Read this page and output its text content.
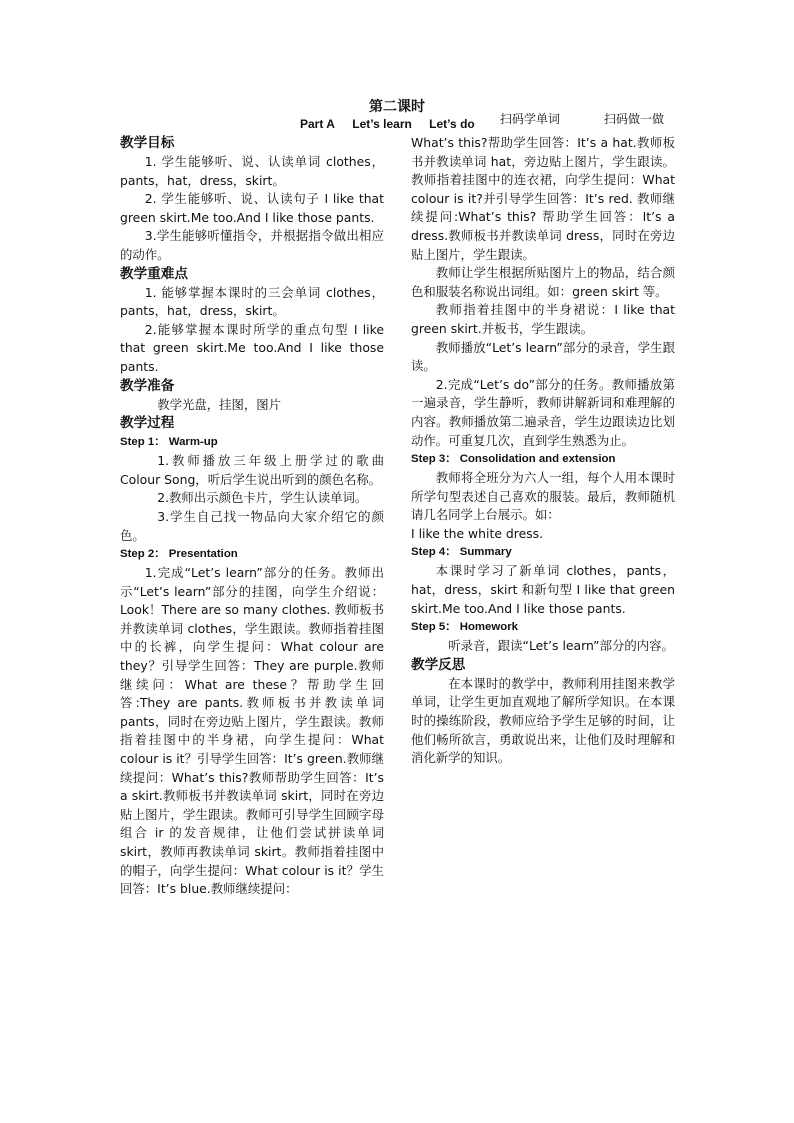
第二课时
Part A Let’s learn Let’s do	扫码学单词	扫码做一做

教学目标

1. 学生能够听、说、认读单词 clothes，pants，hat，dress，skirt。

2. 学生能够听、说、认读句子 I like that green skirt.Me too.And I like those pants.

3.学生能够听懂指令，并根据指令做出相应的动作。

教学重难点

1. 能够掌握本课时的三会单词 clothes，pants，hat，dress，skirt。

2.能够掌握本课时所学的重点句型 I like that green skirt.Me too.And I like those pants.

教学准备

教学光盘，挂图，图片

教学过程

Step 1： Warm-up

1.教师播放三年级上册学过的歌曲 Colour Song，听后学生说出听到的颜色名称。

2.教师出示颜色卡片，学生认读单词。

3.学生自己找一物品向大家介绍它的颜色。

Step 2： Presentation

1.完成“Let’s learn”部分的任务。教师出示“Let’s learn”部分的挂图，向学生介绍说：Look！There are so many clothes. 教师板书并教读单词 clothes，学生跟读。教师指着挂图中的长裤，向学生提问：What colour are they？引导学生回答：They are purple.教师继续问：What are these？帮助学生回答:They are pants.教师板书并教读单词 pants，同时在旁边贴上图片，学生跟读。教师指着挂图中的半身裙，向学生提问：What colour is it？引导学生回答：It’s green.教师继续提问：What’s this?教师帮助学生回答：It’s a skirt.教师板书并教读单词 skirt，同时在旁边贴上图片，学生跟读。教师可引导学生回顾字母组合 ir 的发音规律，让他们尝试拼读单词 skirt，教师再教读单词 skirt。教师指着挂图中的帽子，向学生提问：What colour is it？学生回答：It’s blue.教师继续提问：

What’s this?帮助学生回答：It’s a hat.教师板书并教读单词 hat，旁边贴上图片，学生跟读。教师指着挂图中的连衣裙，向学生提问：What colour is it?并引导学生回答：It’s red. 教师继续提问:What’s this? 帮助学生回答：It’s a dress.教师板书并教读单词 dress，同时在旁边贴上图片，学生跟读。

教师让学生根据所贴图片上的物品，结合颜色和服装名称说出词组。如：green skirt 等。

教师指着挂图中的半身裙说：I like that green skirt.并板书，学生跟读。

教师播放“Let’s learn”部分的录音，学生跟读。

2.完成“Let’s do”部分的任务。教师播放第一遍录音，学生静听，教师讲解新词和难理解的内容。教师播放第二遍录音，学生边跟读边比划动作。可重复几次，直到学生熟悉为止。

Step 3： Consolidation and extension

教师将全班分为六人一组，每个人用本课时所学句型表述自己喜欢的服装。最后，教师随机请几名同学上台展示。如：

I like the white dress.

Step 4： Summary

本课时学习了新单词 clothes，pants，hat，dress，skirt 和新句型 I like that green skirt.Me too.And I like those pants.

Step 5： Homework

听录音，跟读“Let’s learn”部分的内容。

教学反思

在本课时的教学中，教师利用挂图来教学单词，让学生更加直观地了解所学知识。在本课时的操练阶段，教师应给予学生足够的时间，让他们畅所欲言，勇敢说出来，让他们及时理解和消化新学的知识。
